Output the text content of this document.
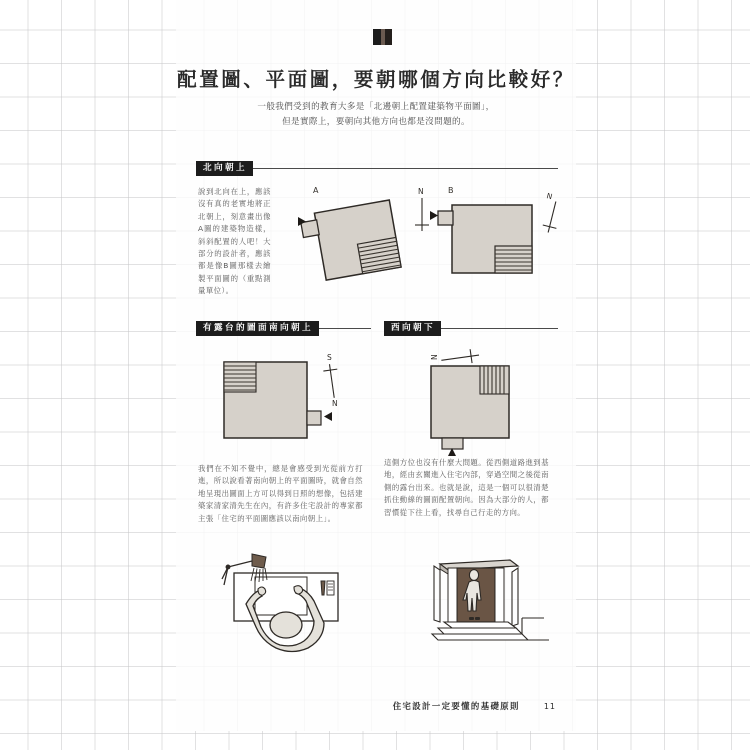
配置圖、平面圖，要朝哪個方向比較好？
一般我們受到的教育大多是「北邊朝上配置建築物平面圖」，
但是實際上，要朝向其他方向也都是沒問題的。
北向朝上
說到北向在上，應該沒有真的老實地將正北朝上，刻意畫出像A圖的建築物造樣，斜斜配置的人吧！大部分的設計者，應該都是像B圖那樣去繪製平面圖的（重點測量單位）。
A	N	B
N
有露台的圖面南向朝上
S
N
我們在不知不覺中，總是會感受到光從前方打進，所以說看著南向朝上的平面圖時，就會自然地呈現出圖面上方可以得到日照的想像，包括建築家清家清先生在內，有許多住宅設計的專家都主張「住宅的平面圖應該以南向朝上」。
西向朝下
N
這側方位也沒有什麼大問題。從西側道路進到基地，經由玄關進入住宅內部，穿過空間之後從南側的露台出來。也就是說，這是一個可以很清楚抓住動線的圖面配置朝向。因為大部分的人，都習慣從下往上看，找尋自己行走的方向。
住宅設計一定要懂的基礎原則	11
